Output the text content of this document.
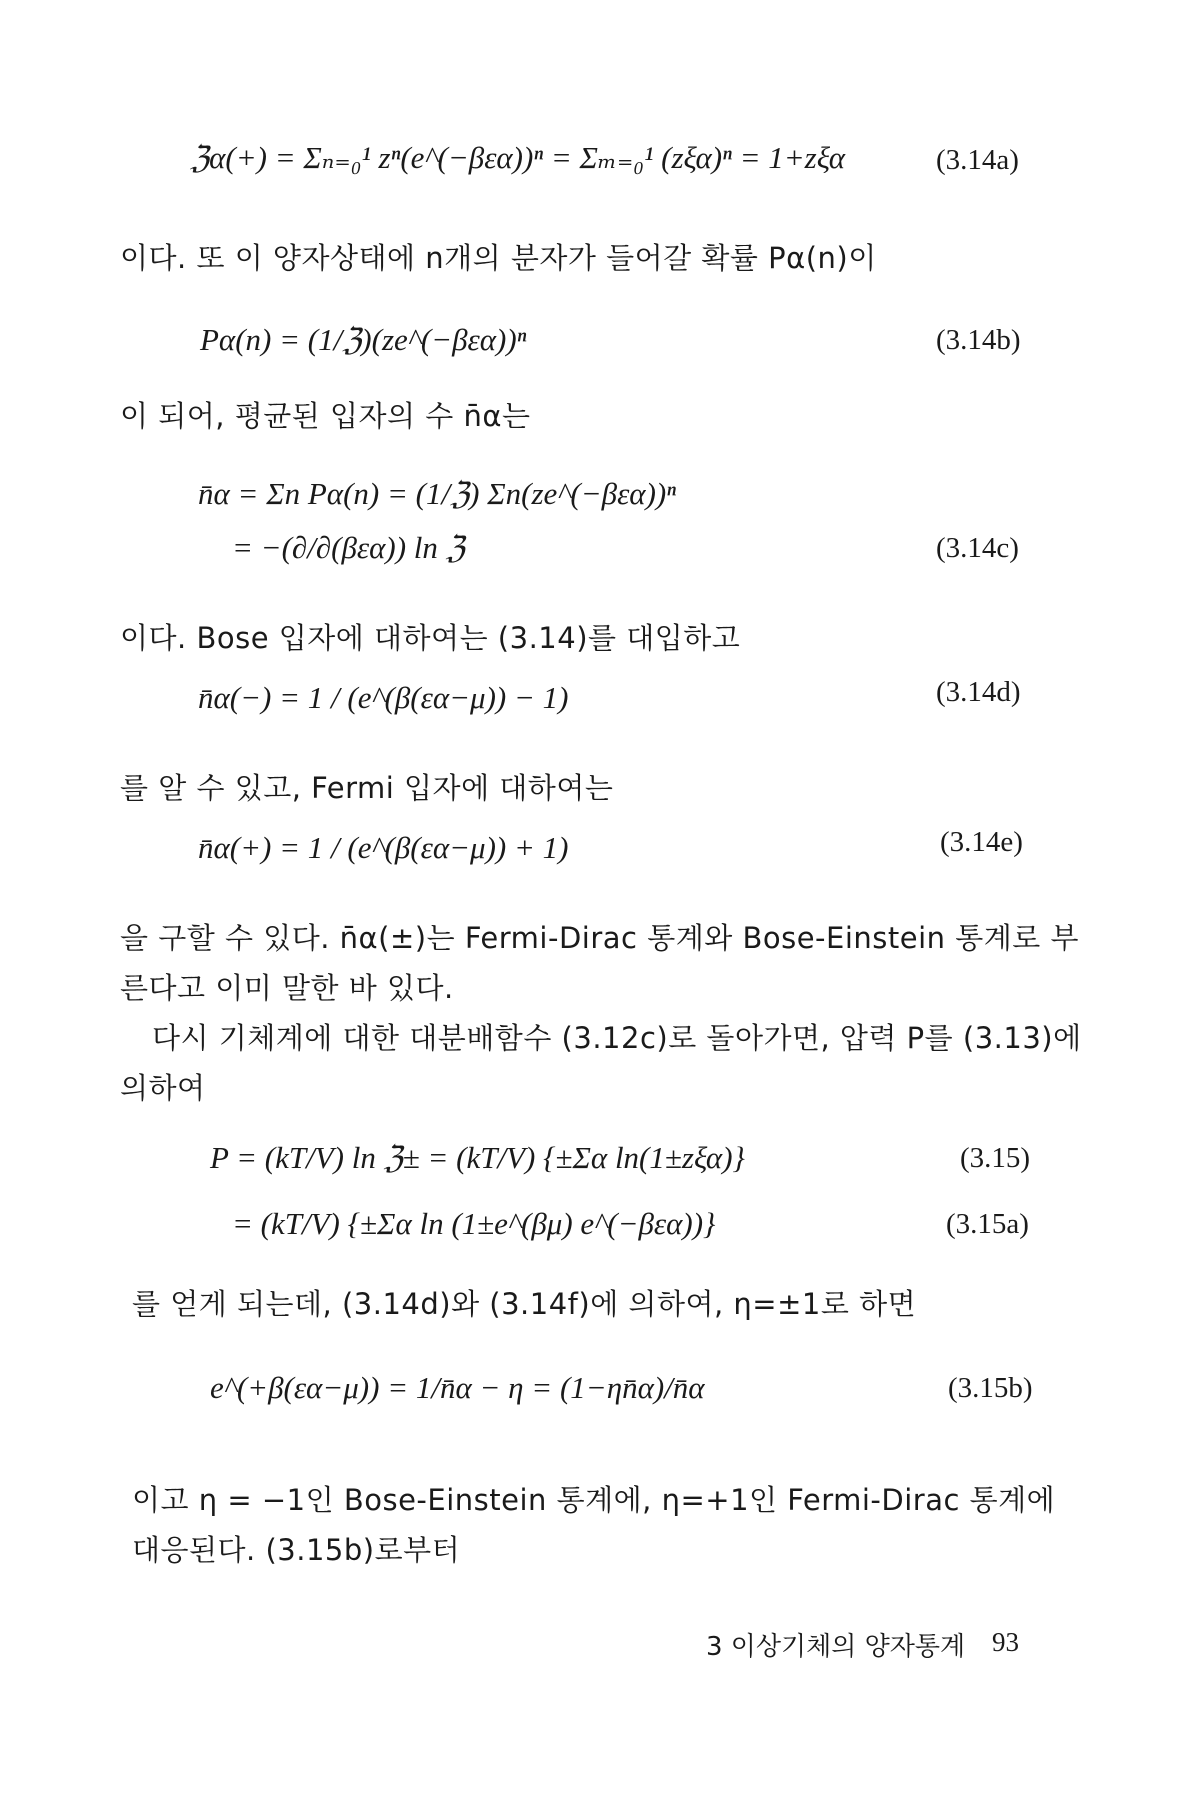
ℨα(+) = Σₙ₌₀¹ zⁿ(e^(−βεα))ⁿ = Σₘ₌₀¹ (zξα)ⁿ = 1+zξα	(3.14a)
이다. 또 이 양자상태에 n개의 분자가 들어갈 확률 Pα(n)이
Pα(n) = (1/ℨ)(ze^(−βεα))ⁿ	(3.14b)
이 되어, 평균된 입자의 수 n̄α는
n̄α = Σn Pα(n) = (1/ℨ) Σn(ze^(−βεα))ⁿ
= −(∂/∂(βεα)) ln ℨ	(3.14c)
이다. Bose 입자에 대하여는 (3.14)를 대입하고
n̄α(−) = 1 / (e^(β(εα−μ)) − 1)	(3.14d)
를 알 수 있고, Fermi 입자에 대하여는
n̄α(+) = 1 / (e^(β(εα−μ)) + 1)	(3.14e)
을 구할 수 있다. n̄α(±)는 Fermi-Dirac 통계와 Bose-Einstein 통계로 부
른다고 이미 말한 바 있다.
다시 기체계에 대한 대분배함수 (3.12c)로 돌아가면, 압력 P를 (3.13)에
의하여
P = (kT/V) ln ℨ± = (kT/V) {±Σα ln(1±zξα)}	(3.15)
= (kT/V) {±Σα ln (1±e^(βμ) e^(−βεα))}	(3.15a)
를 얻게 되는데, (3.14d)와 (3.14f)에 의하여, η=±1로 하면
e^(+β(εα−μ)) = 1/n̄α − η = (1−ηn̄α)/n̄α	(3.15b)
이고 η = −1인 Bose-Einstein 통계에, η=+1인 Fermi-Dirac 통계에
대응된다. (3.15b)로부터
3 이상기체의 양자통계 93
